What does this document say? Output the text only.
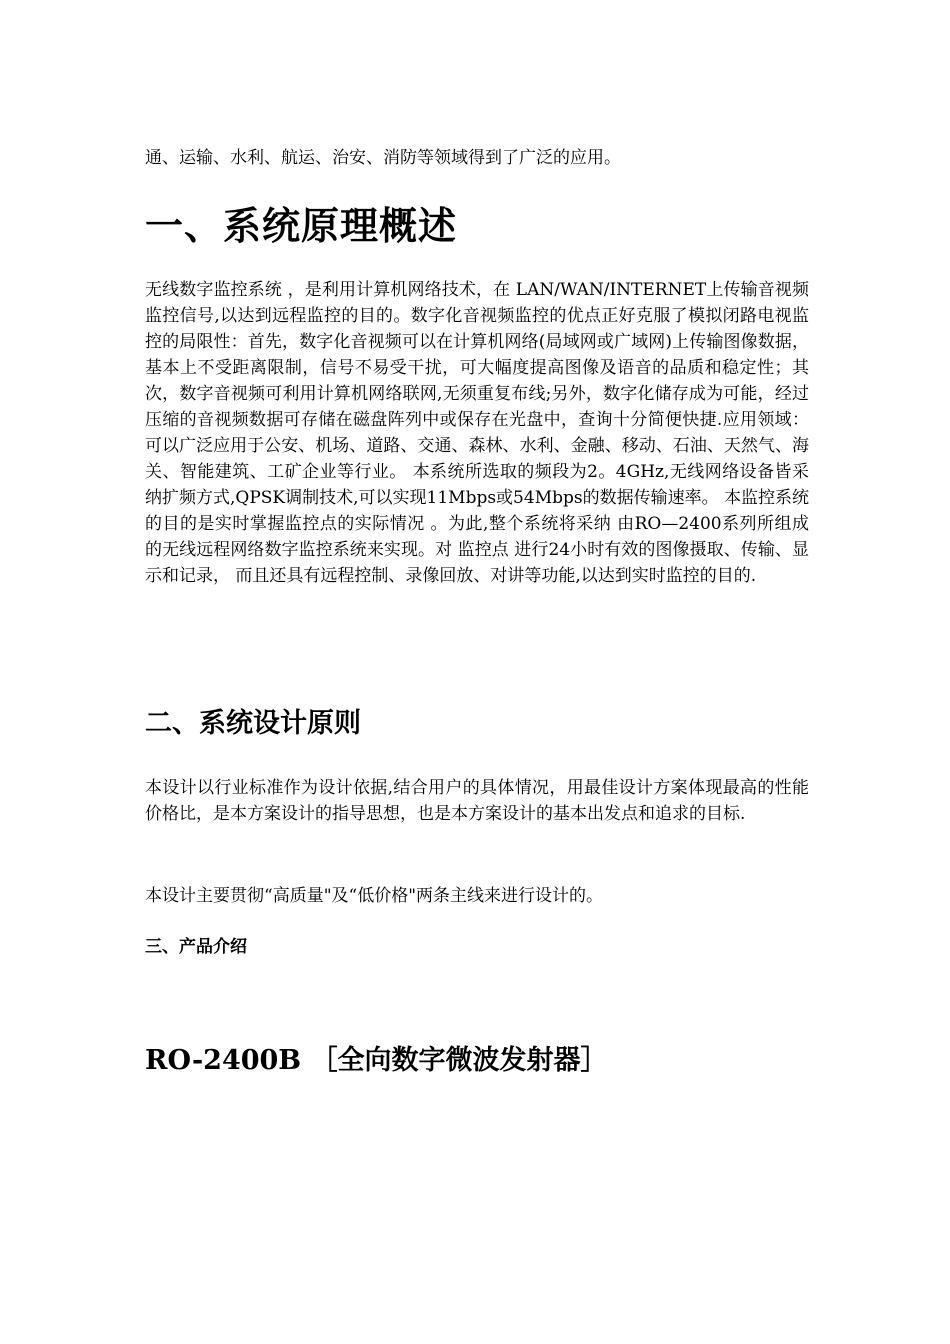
通、运输、水利、航运、治安、消防等领域得到了广泛的应用。

一、系统原理概述

无线数字监控系统 ，是利用计算机网络技术，在 LAN/WAN/INTERNET上传输音视频监控信号,以达到远程监控的目的。数字化音视频监控的优点正好克服了模拟闭路电视监控的局限性：首先，数字化音视频可以在计算机网络(局域网或广域网)上传输图像数据，基本上不受距离限制，信号不易受干扰，可大幅度提高图像及语音的品质和稳定性；其次，数字音视频可利用计算机网络联网,无须重复布线;另外，数字化储存成为可能，经过压缩的音视频数据可存储在磁盘阵列中或保存在光盘中，查询十分简便快捷.应用领域：可以广泛应用于公安、机场、道路、交通、森林、水利、金融、移动、石油、天然气、海关、智能建筑、工矿企业等行业。 本系统所选取的频段为2。4GHz,无线网络设备皆采纳扩频方式,QPSK调制技术,可以实现11Mbps或54Mbps的数据传输速率。 本监控系统的目的是实时掌握监控点的实际情况 。为此,整个系统将采纳 由RO—2400系列所组成的无线远程网络数字监控系统来实现。对 监控点 进行24小时有效的图像摄取、传输、显示和记录， 而且还具有远程控制、录像回放、对讲等功能,以达到实时监控的目的.

二、系统设计原则

本设计以行业标准作为设计依据,结合用户的具体情况，用最佳设计方案体现最高的性能价格比，是本方案设计的指导思想，也是本方案设计的基本出发点和追求的目标.

本设计主要贯彻“高质量"及“低价格"两条主线来进行设计的。

三、产品介绍
RO-2400B ［全向数字微波发射器］
